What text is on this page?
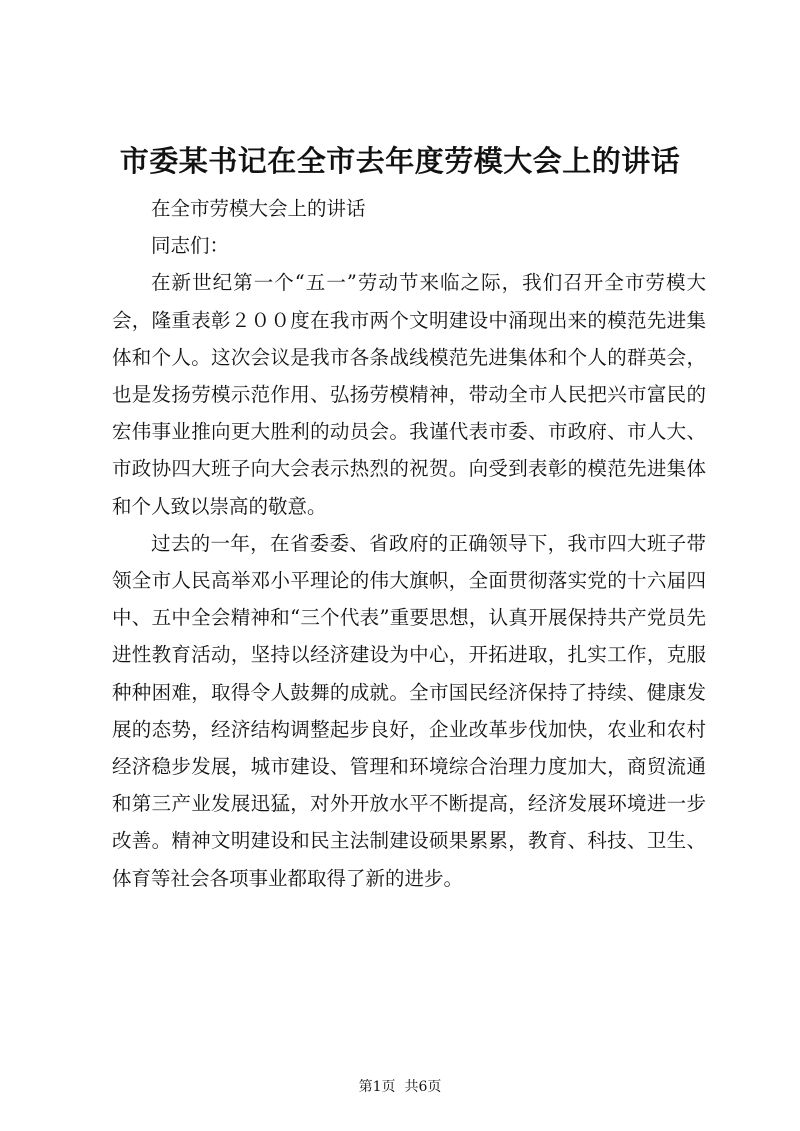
市委某书记在全市去年度劳模大会上的讲话

在全市劳模大会上的讲话

同志们：

在新世纪第一个“五一”劳动节来临之际，我们召开全市劳模大会，隆重表彰２００度在我市两个文明建设中涌现出来的模范先进集体和个人。这次会议是我市各条战线模范先进集体和个人的群英会，也是发扬劳模示范作用、弘扬劳模精神，带动全市人民把兴市富民的宏伟事业推向更大胜利的动员会。我谨代表市委、市政府、市人大、市政协四大班子向大会表示热烈的祝贺。向受到表彰的模范先进集体和个人致以崇高的敬意。

过去的一年，在省委委、省政府的正确领导下，我市四大班子带领全市人民高举邓小平理论的伟大旗帜，全面贯彻落实党的十六届四中、五中全会精神和“三个代表”重要思想，认真开展保持共产党员先进性教育活动，坚持以经济建设为中心，开拓进取，扎实工作，克服种种困难，取得令人鼓舞的成就。全市国民经济保持了持续、健康发展的态势，经济结构调整起步良好，企业改革步伐加快，农业和农村经济稳步发展，城市建设、管理和环境综合治理力度加大，商贸流通和第三产业发展迅猛，对外开放水平不断提高，经济发展环境进一步改善。精神文明建设和民主法制建设硕果累累，教育、科技、卫生、体育等社会各项事业都取得了新的进步。

第1页  共6页
